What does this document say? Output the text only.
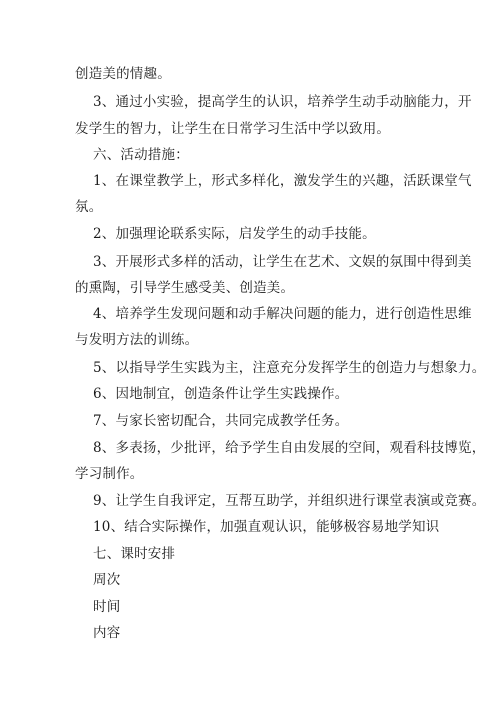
创造美的情趣。
3、通过小实验，提高学生的认识，培养学生动手动脑能力，开
发学生的智力，让学生在日常学习生活中学以致用。
六、活动措施：
1、在课堂教学上，形式多样化，激发学生的兴趣，活跃课堂气
氛。
2、加强理论联系实际，启发学生的动手技能。
3、开展形式多样的活动，让学生在艺术、文娱的氛围中得到美
的熏陶，引导学生感受美、创造美。
4、培养学生发现问题和动手解决问题的能力，进行创造性思维
与发明方法的训练。
5、以指导学生实践为主，注意充分发挥学生的创造力与想象力。
6、因地制宜，创造条件让学生实践操作。
7、与家长密切配合，共同完成教学任务。
8、多表扬，少批评，给予学生自由发展的空间，观看科技博览，
学习制作。
9、让学生自我评定，互帮互助学，并组织进行课堂表演或竞赛。
10、结合实际操作，加强直观认识，能够极容易地学知识
七、课时安排
周次
时间
内容
